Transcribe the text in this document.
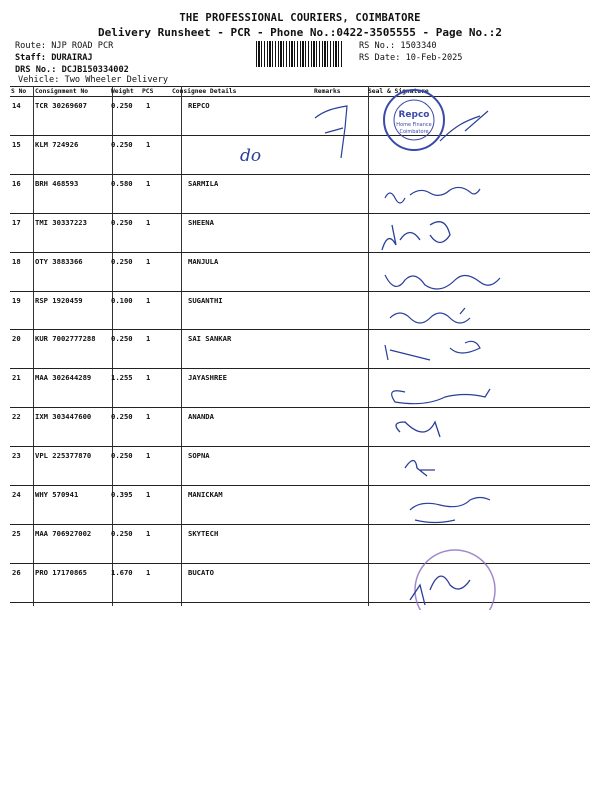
THE PROFESSIONAL COURIERS, COIMBATORE
Delivery Runsheet - PCR - Phone No.:0422-3505555 - Page No.:2
Route: NJP ROAD PCR
Staff: DURAIRAJ
DRS No.: DCJB150334002
Vehicle: Two Wheeler Delivery
RS No.: 1503340
RS Date: 10-Feb-2025
S No Consignment No	Weight PCS	Consignee Details	Remarks	Seal & Signature
14 TCR 30269607	0.250 1	REPCO
15 KLM 724926	0.250 1
16 BRH 468593	0.580 1	SARMILA
17 TMI 30337223	0.250 1	SHEENA
18 OTY 3883366	0.250 1	MANJULA
19 RSP 1920459	0.100 1	SUGANTHI
20 KUR 7002777288 0.250 1	SAI SANKAR
21 MAA 302644289	1.255 1	JAYASHREE
22 IXM 303447600	0.250 1	ANANDA
23 VPL 225377870	0.250 1	SOPNA
24 WHY 570941	0.395 1	MANICKAM
25 MAA 706927002	0.250 1	SKYTECH
26 PRO 17170865	1.670 1	BUCATO
Repco
Home Finance
Coimbatore
do
